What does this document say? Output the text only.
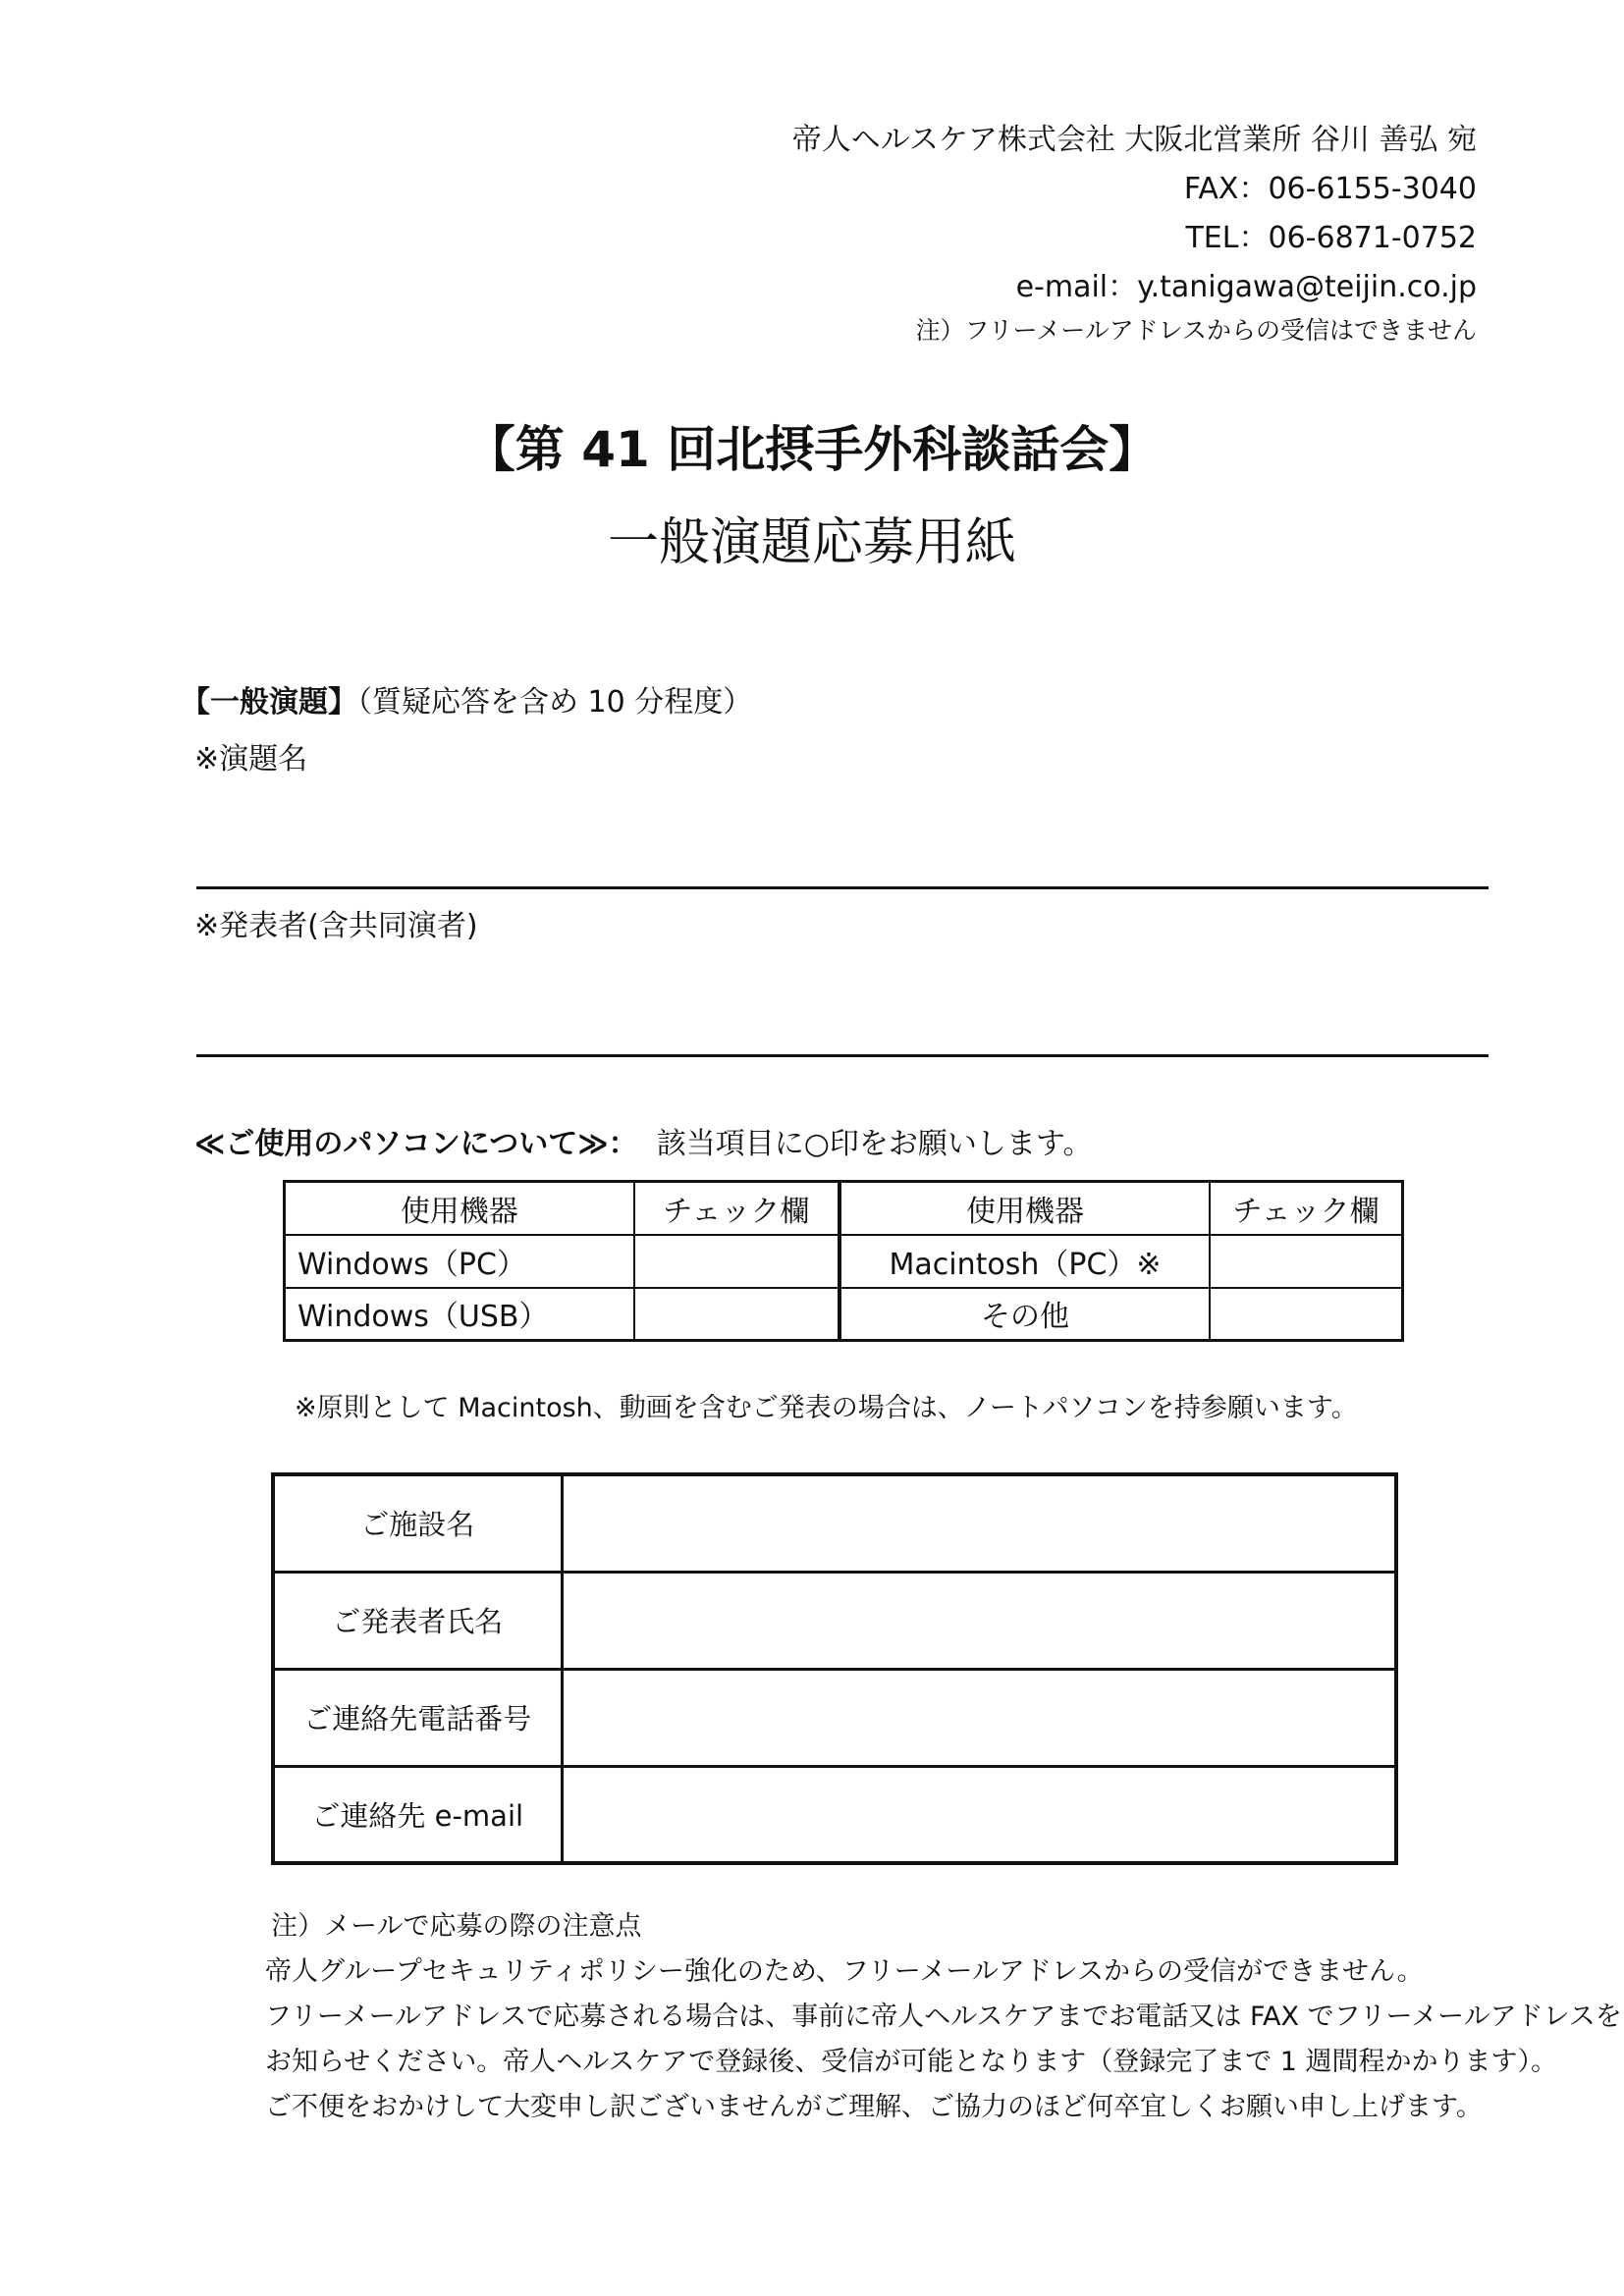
帝人ヘルスケア株式会社 大阪北営業所 谷川 善弘 宛
FAX：06-6155-3040
TEL：06-6871-0752
e-mail：y.tanigawa@teijin.co.jp
注）フリーメールアドレスからの受信はできません
【第 41 回北摂手外科談話会】
一般演題応募用紙
【一般演題】（質疑応答を含め 10 分程度）
※演題名
※発表者(含共同演者)
≪ご使用のパソコンについて≫： 該当項目に○印をお願いします。
使用機器	チェック欄	使用機器	チェック欄
Windows（PC）		Macintosh（PC）※	
Windows（USB）		その他	
※原則として Macintosh、動画を含むご発表の場合は、ノートパソコンを持参願います。
ご施設名	
ご発表者氏名	
ご連絡先電話番号	
ご連絡先 e-mail	
注）メールで応募の際の注意点
帝人グループセキュリティポリシー強化のため、フリーメールアドレスからの受信ができません。
フリーメールアドレスで応募される場合は、事前に帝人ヘルスケアまでお電話又は FAX でフリーメールアドレスを
お知らせください。帝人ヘルスケアで登録後、受信が可能となります（登録完了まで 1 週間程かかります）。
ご不便をおかけして大変申し訳ございませんがご理解、ご協力のほど何卒宜しくお願い申し上げます。
